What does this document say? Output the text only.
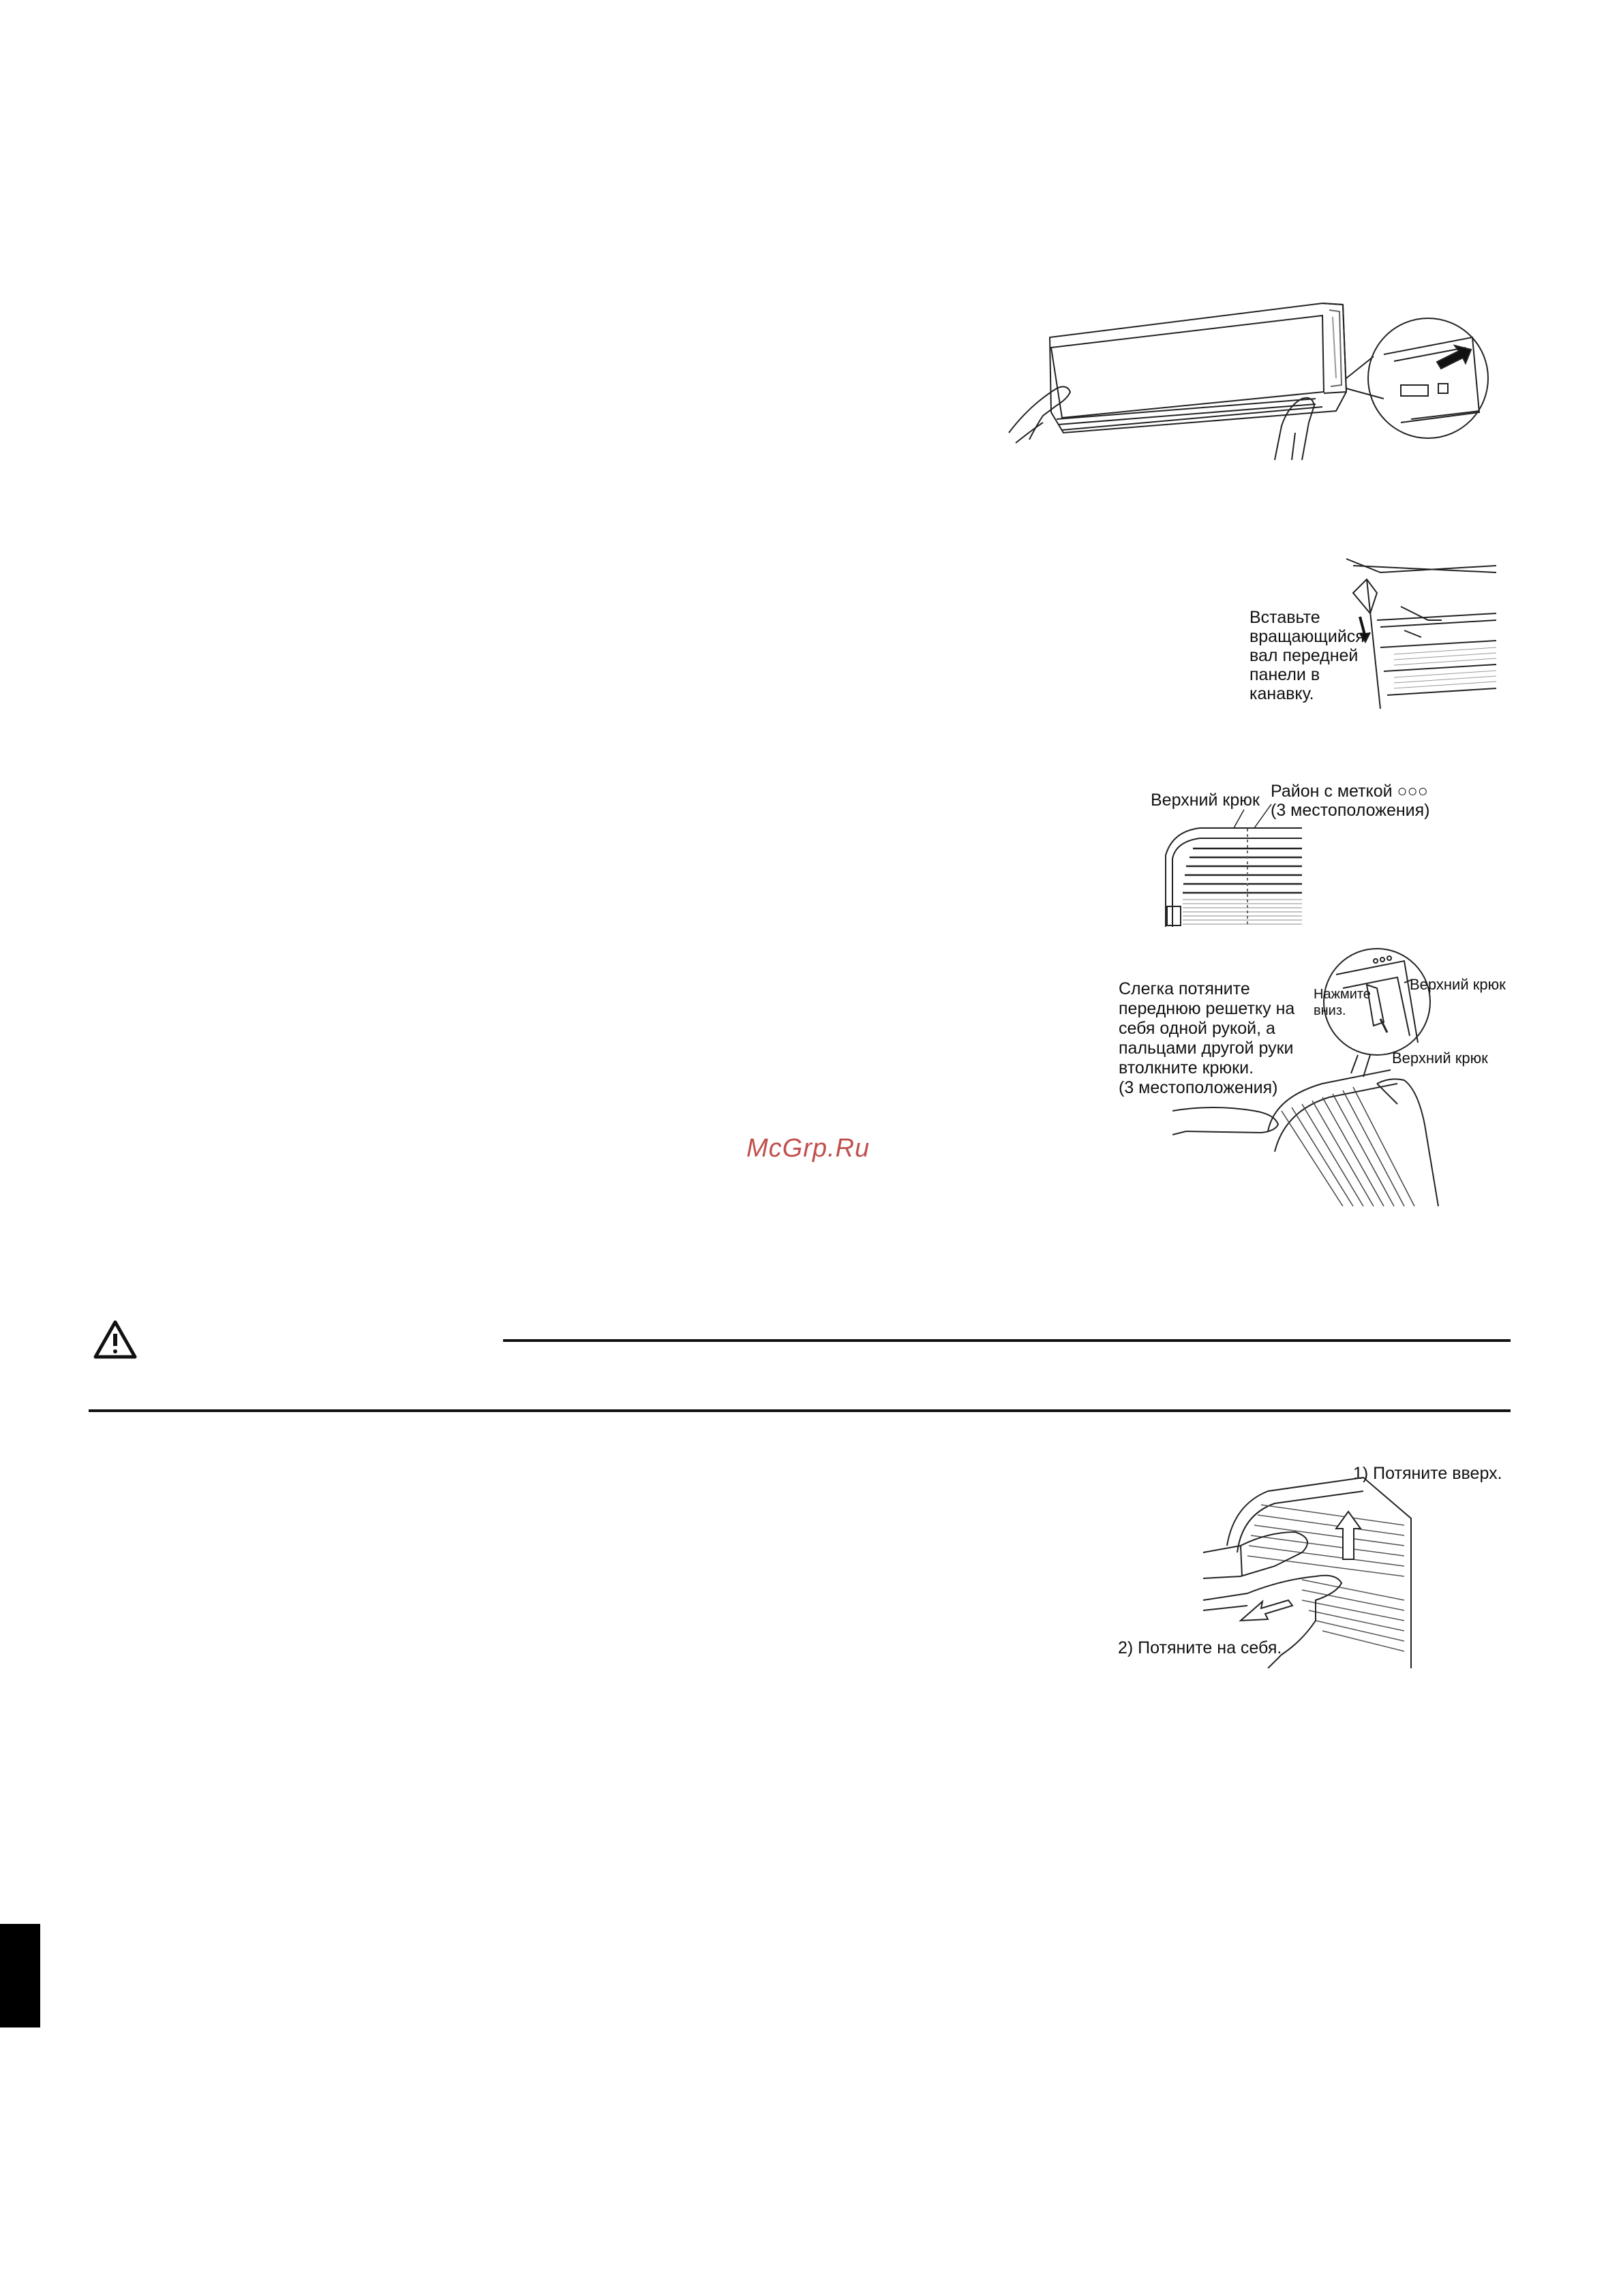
Вставьте
вращающийся
вал передней
панели в
канавку.
Верхний крюк Район с меткой ○○○
(3 местоположения)
Слегка потяните
переднюю решетку на
себя одной рукой, а
пальцами другой руки
втолкните крюки.
(3 местоположения)
Нажмите
вниз.
Верхний крюк
Верхний крюк
McGrp.Ru
1) Потяните вверх.
2) Потяните на себя.
